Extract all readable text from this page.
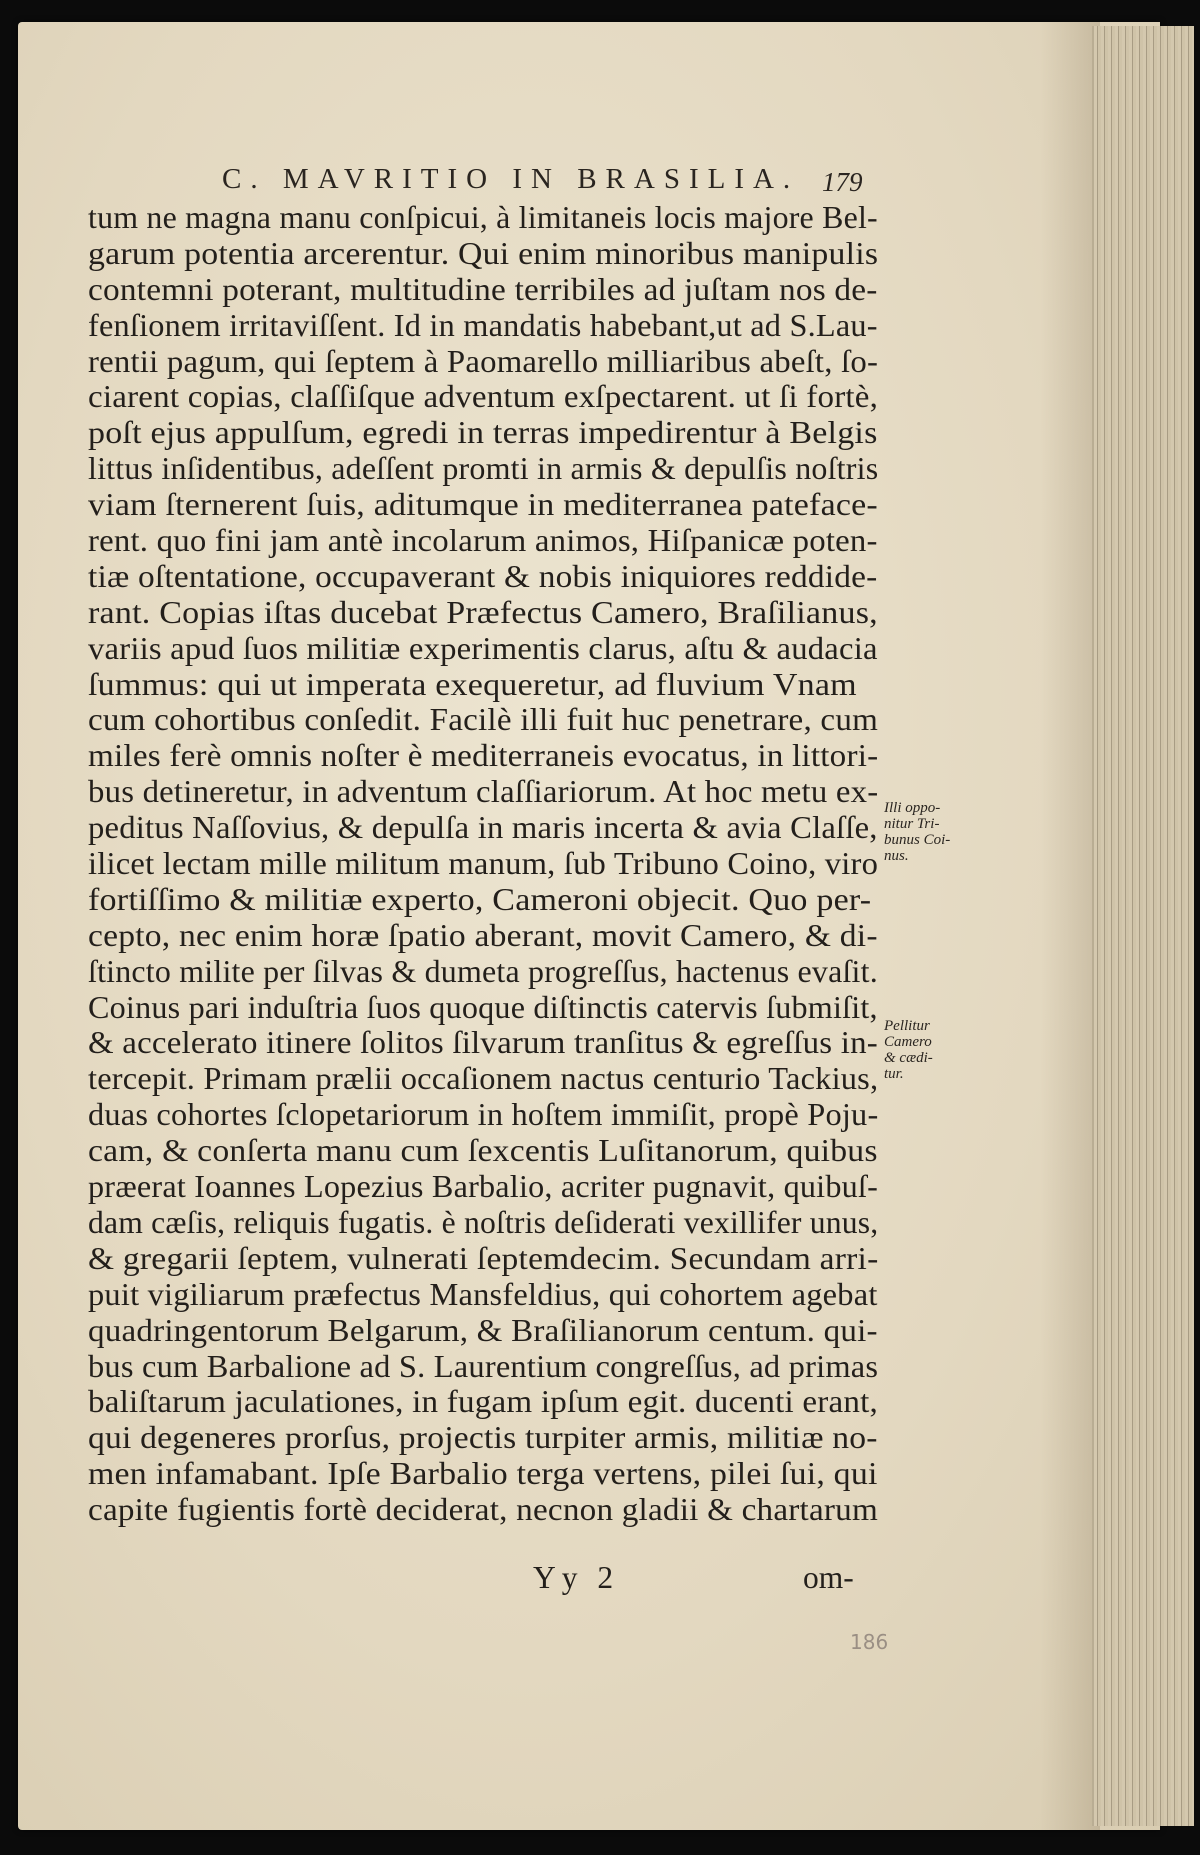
C. MAVRITIO IN BRASILIA. 179
tum ne magna manu conſpicui, à limitaneis locis majore Bel-
garum potentia arcerentur. Qui enim minoribus manipulis
contemni poterant, multitudine terribiles ad juſtam nos de-
fenſionem irritaviſſent. Id in mandatis habebant,ut ad S.Lau-
rentii pagum, qui ſeptem à Paomarello milliaribus abeſt, ſo-
ciarent copias, claſſiſque adventum exſpectarent. ut ſi fortè,
poſt ejus appulſum, egredi in terras impedirentur à Belgis
littus inſidentibus, adeſſent promti in armis & depulſis noſtris
viam ſternerent ſuis, aditumque in mediterranea pateface-
rent. quo fini jam antè incolarum animos, Hiſpanicæ poten-
tiæ oſtentatione, occupaverant & nobis iniquiores reddide-
rant. Copias iſtas ducebat Præfectus Camero, Braſilianus,
variis apud ſuos militiæ experimentis clarus, aſtu & audacia
ſummus: qui ut imperata exequeretur, ad fluvium Vnam
cum cohortibus conſedit. Facilè illi fuit huc penetrare, cum
miles ferè omnis noſter è mediterraneis evocatus, in littori-
bus detineretur, in adventum claſſiariorum. At hoc metu ex-
peditus Naſſovius, & depulſa in maris incerta & avia Claſſe,
ilicet lectam mille militum manum, ſub Tribuno Coino, viro
fortiſſimo & militiæ experto, Cameroni objecit. Quo per-
cepto, nec enim horæ ſpatio aberant, movit Camero, & di-
ſtincto milite per ſilvas & dumeta progreſſus, hactenus evaſit.
Coinus pari induſtria ſuos quoque diſtinctis catervis ſubmiſit,
& accelerato itinere ſolitos ſilvarum tranſitus & egreſſus in-
tercepit. Primam prælii occaſionem nactus centurio Tackius,
duas cohortes ſclopetariorum in hoſtem immiſit, propè Poju-
cam, & conſerta manu cum ſexcentis Luſitanorum, quibus
præerat Ioannes Lopezius Barbalio, acriter pugnavit, quibuſ-
dam cæſis, reliquis fugatis. è noſtris deſiderati vexillifer unus,
& gregarii ſeptem, vulnerati ſeptemdecim. Secundam arri-
puit vigiliarum præfectus Mansfeldius, qui cohortem agebat
quadringentorum Belgarum, & Braſilianorum centum. qui-
bus cum Barbalione ad S. Laurentium congreſſus, ad primas
baliſtarum jaculationes, in fugam ipſum egit. ducenti erant,
qui degeneres prorſus, projectis turpiter armis, militiæ no-
men infamabant. Ipſe Barbalio terga vertens, pilei ſui, qui
capite fugientis fortè deciderat, necnon gladii & chartarum
Illi oppo-
nitur Tri-
bunus Coi-
nus.
Pellitur
Camero
& cædi-
tur.
Yy 2	om-
186
